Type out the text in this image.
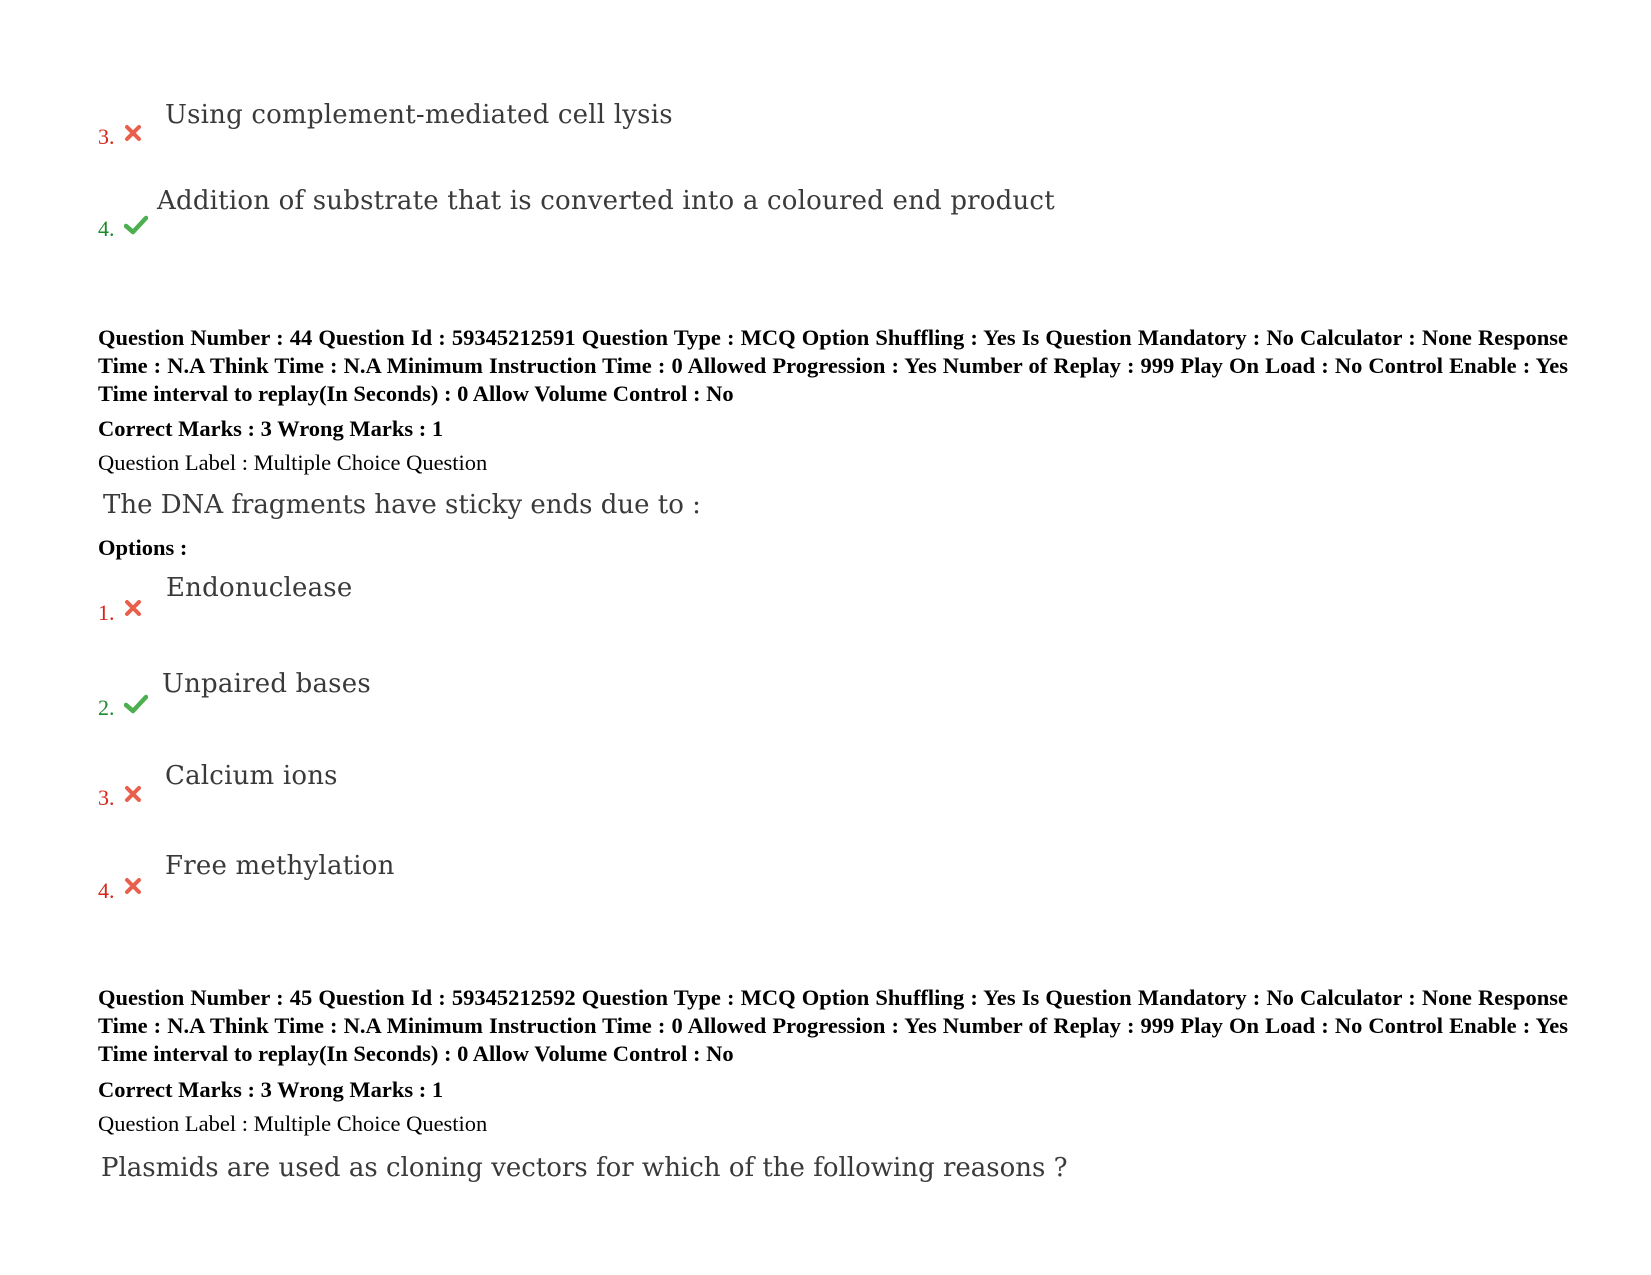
3.
Using complement-mediated cell lysis
4.
Addition of substrate that is converted into a coloured end product
Question Number : 44 Question Id : 59345212591 Question Type : MCQ Option Shuffling : Yes Is Question Mandatory : No Calculator : None Response Time : N.A Think Time : N.A Minimum Instruction Time : 0 Allowed Progression : Yes Number of Replay : 999 Play On Load : No Control Enable : Yes Time interval to replay(In Seconds) : 0 Allow Volume Control : No
Correct Marks : 3 Wrong Marks : 1
Question Label : Multiple Choice Question
The DNA fragments have sticky ends due to :
Options :
1.
Endonuclease
2.
Unpaired bases
3.
Calcium ions
4.
Free methylation
Question Number : 45 Question Id : 59345212592 Question Type : MCQ Option Shuffling : Yes Is Question Mandatory : No Calculator : None Response Time : N.A Think Time : N.A Minimum Instruction Time : 0 Allowed Progression : Yes Number of Replay : 999 Play On Load : No Control Enable : Yes Time interval to replay(In Seconds) : 0 Allow Volume Control : No
Correct Marks : 3 Wrong Marks : 1
Question Label : Multiple Choice Question
Plasmids are used as cloning vectors for which of the following reasons ?
